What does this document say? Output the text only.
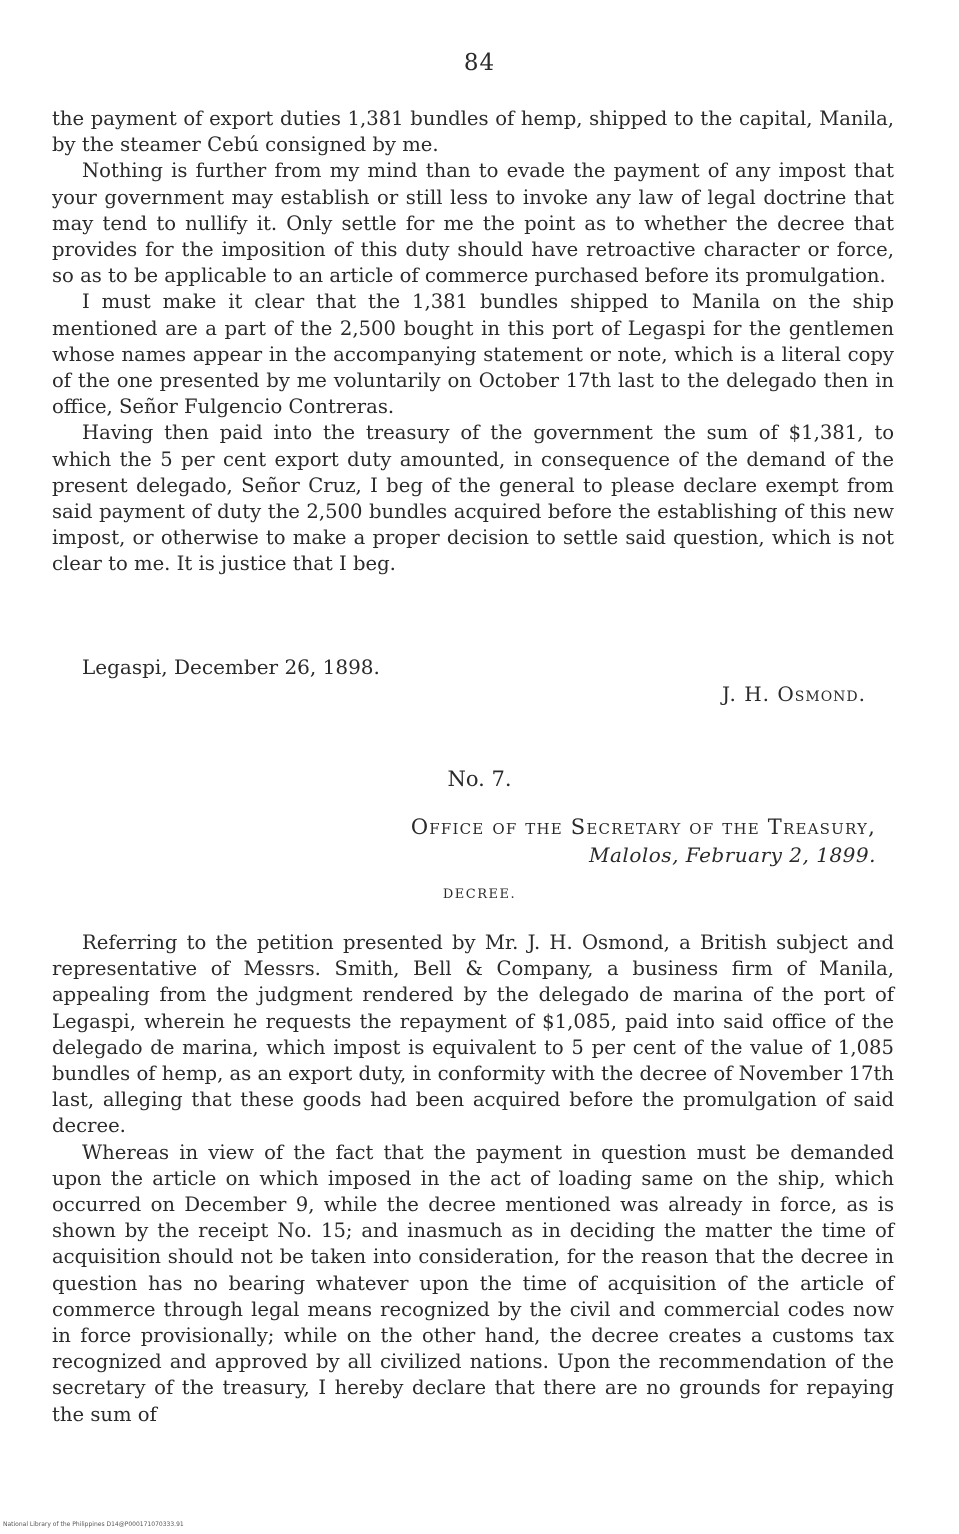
84

the payment of export duties 1,381 bundles of hemp, shipped to the capital, Manila, by the steamer Cebú consigned by me.

Nothing is further from my mind than to evade the payment of any impost that your government may establish or still less to invoke any law of legal doctrine that may tend to nullify it. Only settle for me the point as to whether the decree that provides for the imposition of this duty should have retroactive character or force, so as to be applicable to an article of commerce purchased before its promulgation.

I must make it clear that the 1,381 bundles shipped to Manila on the ship mentioned are a part of the 2,500 bought in this port of Legaspi for the gentlemen whose names appear in the accompanying statement or note, which is a literal copy of the one presented by me voluntarily on October 17th last to the delegado then in office, Señor Fulgencio Contreras.

Having then paid into the treasury of the government the sum of $1,381, to which the 5 per cent export duty amounted, in consequence of the demand of the present delegado, Señor Cruz, I beg of the general to please declare exempt from said payment of duty the 2,500 bundles acquired before the establishing of this new impost, or otherwise to make a proper decision to settle said question, which is not clear to me. It is justice that I beg.

Legaspi, December 26, 1898.

J. H. Osmond.

No. 7.

Office of the Secretary of the Treasury,

Malolos, February 2, 1899.

DECREE.

Referring to the petition presented by Mr. J. H. Osmond, a British subject and representative of Messrs. Smith, Bell & Company, a business firm of Manila, appealing from the judgment rendered by the delegado de marina of the port of Legaspi, wherein he requests the repayment of $1,085, paid into said office of the delegado de marina, which impost is equivalent to 5 per cent of the value of 1,085 bundles of hemp, as an export duty, in conformity with the decree of November 17th last, alleging that these goods had been acquired before the promulgation of said decree.

Whereas in view of the fact that the payment in question must be demanded upon the article on which imposed in the act of loading same on the ship, which occurred on December 9, while the decree mentioned was already in force, as is shown by the receipt No. 15; and inasmuch as in deciding the matter the time of acquisition should not be taken into consideration, for the reason that the decree in question has no bearing whatever upon the time of acquisition of the article of commerce through legal means recognized by the civil and commercial codes now in force provisionally; while on the other hand, the decree creates a customs tax recognized and approved by all civilized nations. Upon the recommendation of the secretary of the treasury, I hereby declare that there are no grounds for repaying the sum of

National Library of the Philippines D14@P000171070333.91
